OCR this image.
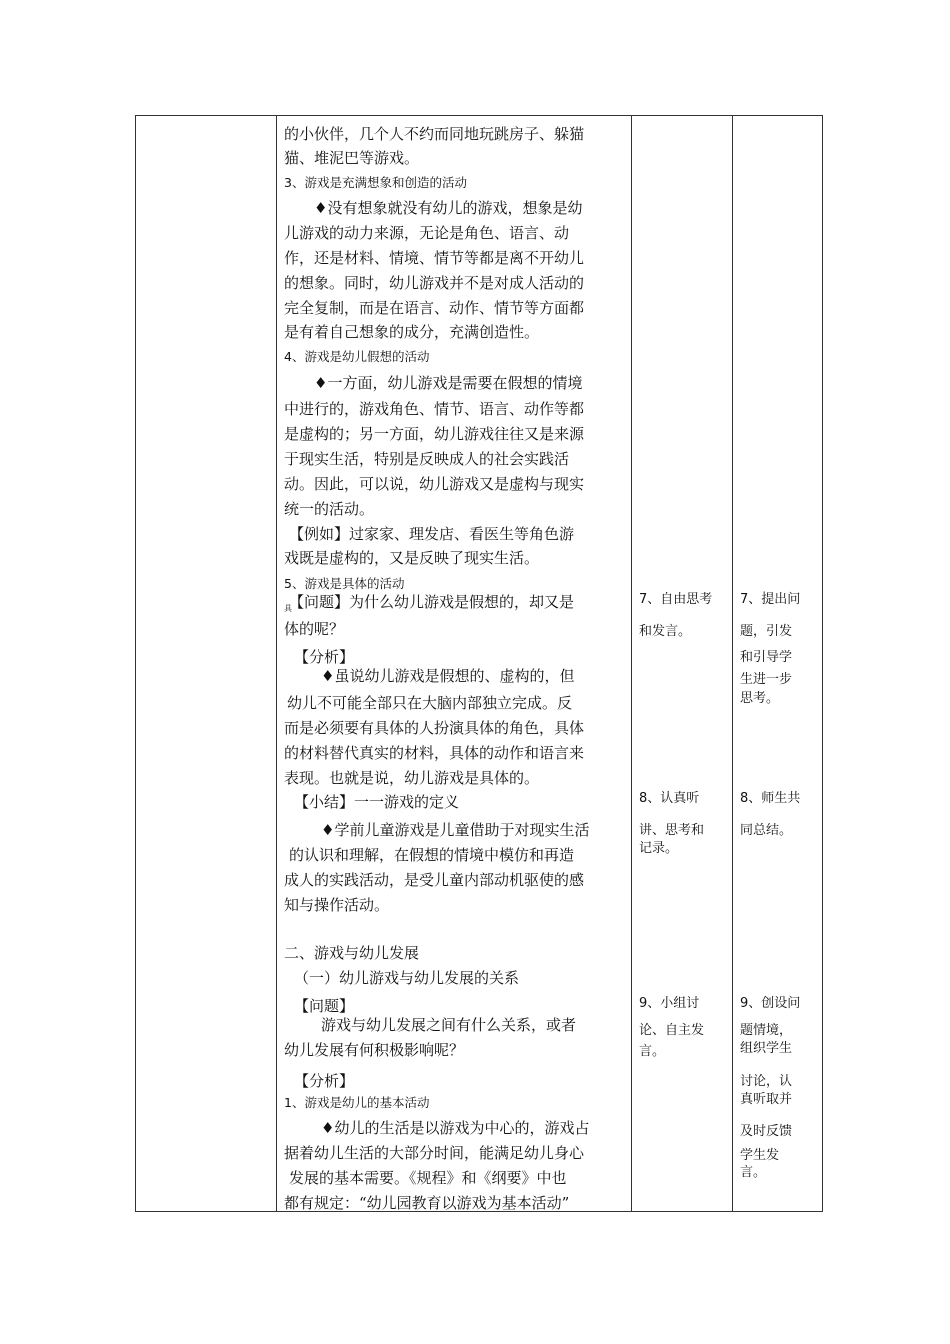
的小伙伴，几个人不约而同地玩跳房子、躲猫
猫、堆泥巴等游戏。
3、游戏是充满想象和创造的活动
♦没有想象就没有幼儿的游戏，想象是幼
儿游戏的动力来源，无论是角色、语言、动
作，还是材料、情境、情节等都是离不开幼儿
的想象。同时，幼儿游戏并不是对成人活动的
完全复制，而是在语言、动作、情节等方面都
是有着自己想象的成分，充满创造性。
4、游戏是幼儿假想的活动
♦一方面，幼儿游戏是需要在假想的情境
中进行的，游戏角色、情节、语言、动作等都
是虚构的；另一方面，幼儿游戏往往又是来源
于现实生活，特别是反映成人的社会实践活
动。因此，可以说，幼儿游戏又是虚构与现实
统一的活动。
【例如】过家家、理发店、看医生等角色游
戏既是虚构的，又是反映了现实生活。
5、游戏是具体的活动
【问题】为什么幼儿游戏是假想的，却又是
具
体的呢？
【分析】
♦虽说幼儿游戏是假想的、虚构的，但
幼儿不可能全部只在大脑内部独立完成。反
而是必须要有具体的人扮演具体的角色，具体
的材料替代真实的材料，具体的动作和语言来
表现。也就是说，幼儿游戏是具体的。
【小结】一一游戏的定义
♦学前儿童游戏是儿童借助于对现实生活
的认识和理解，在假想的情境中模仿和再造
成人的实践活动，是受儿童内部动机驱使的感
知与操作活动。
二、游戏与幼儿发展
（一）幼儿游戏与幼儿发展的关系
【问题】
游戏与幼儿发展之间有什么关系，或者
幼儿发展有何积极影响呢？
【分析】
1、游戏是幼儿的基本活动
♦幼儿的生活是以游戏为中心的，游戏占
据着幼儿生活的大部分时间，能满足幼儿身心
发展的基本需要。《规程》和《纲要》中也
都有规定：“幼儿园教育以游戏为基本活动”
7、自由思考
和发言。
8、认真听
讲、思考和
记录。
9、小组讨
论、自主发
言。
7、提出问
题，引发
和引导学
生进一步
思考。
8、师生共
同总结。
9、创设问
题情境，
组织学生
讨论，认
真听取并
及时反馈
学生发
言。
